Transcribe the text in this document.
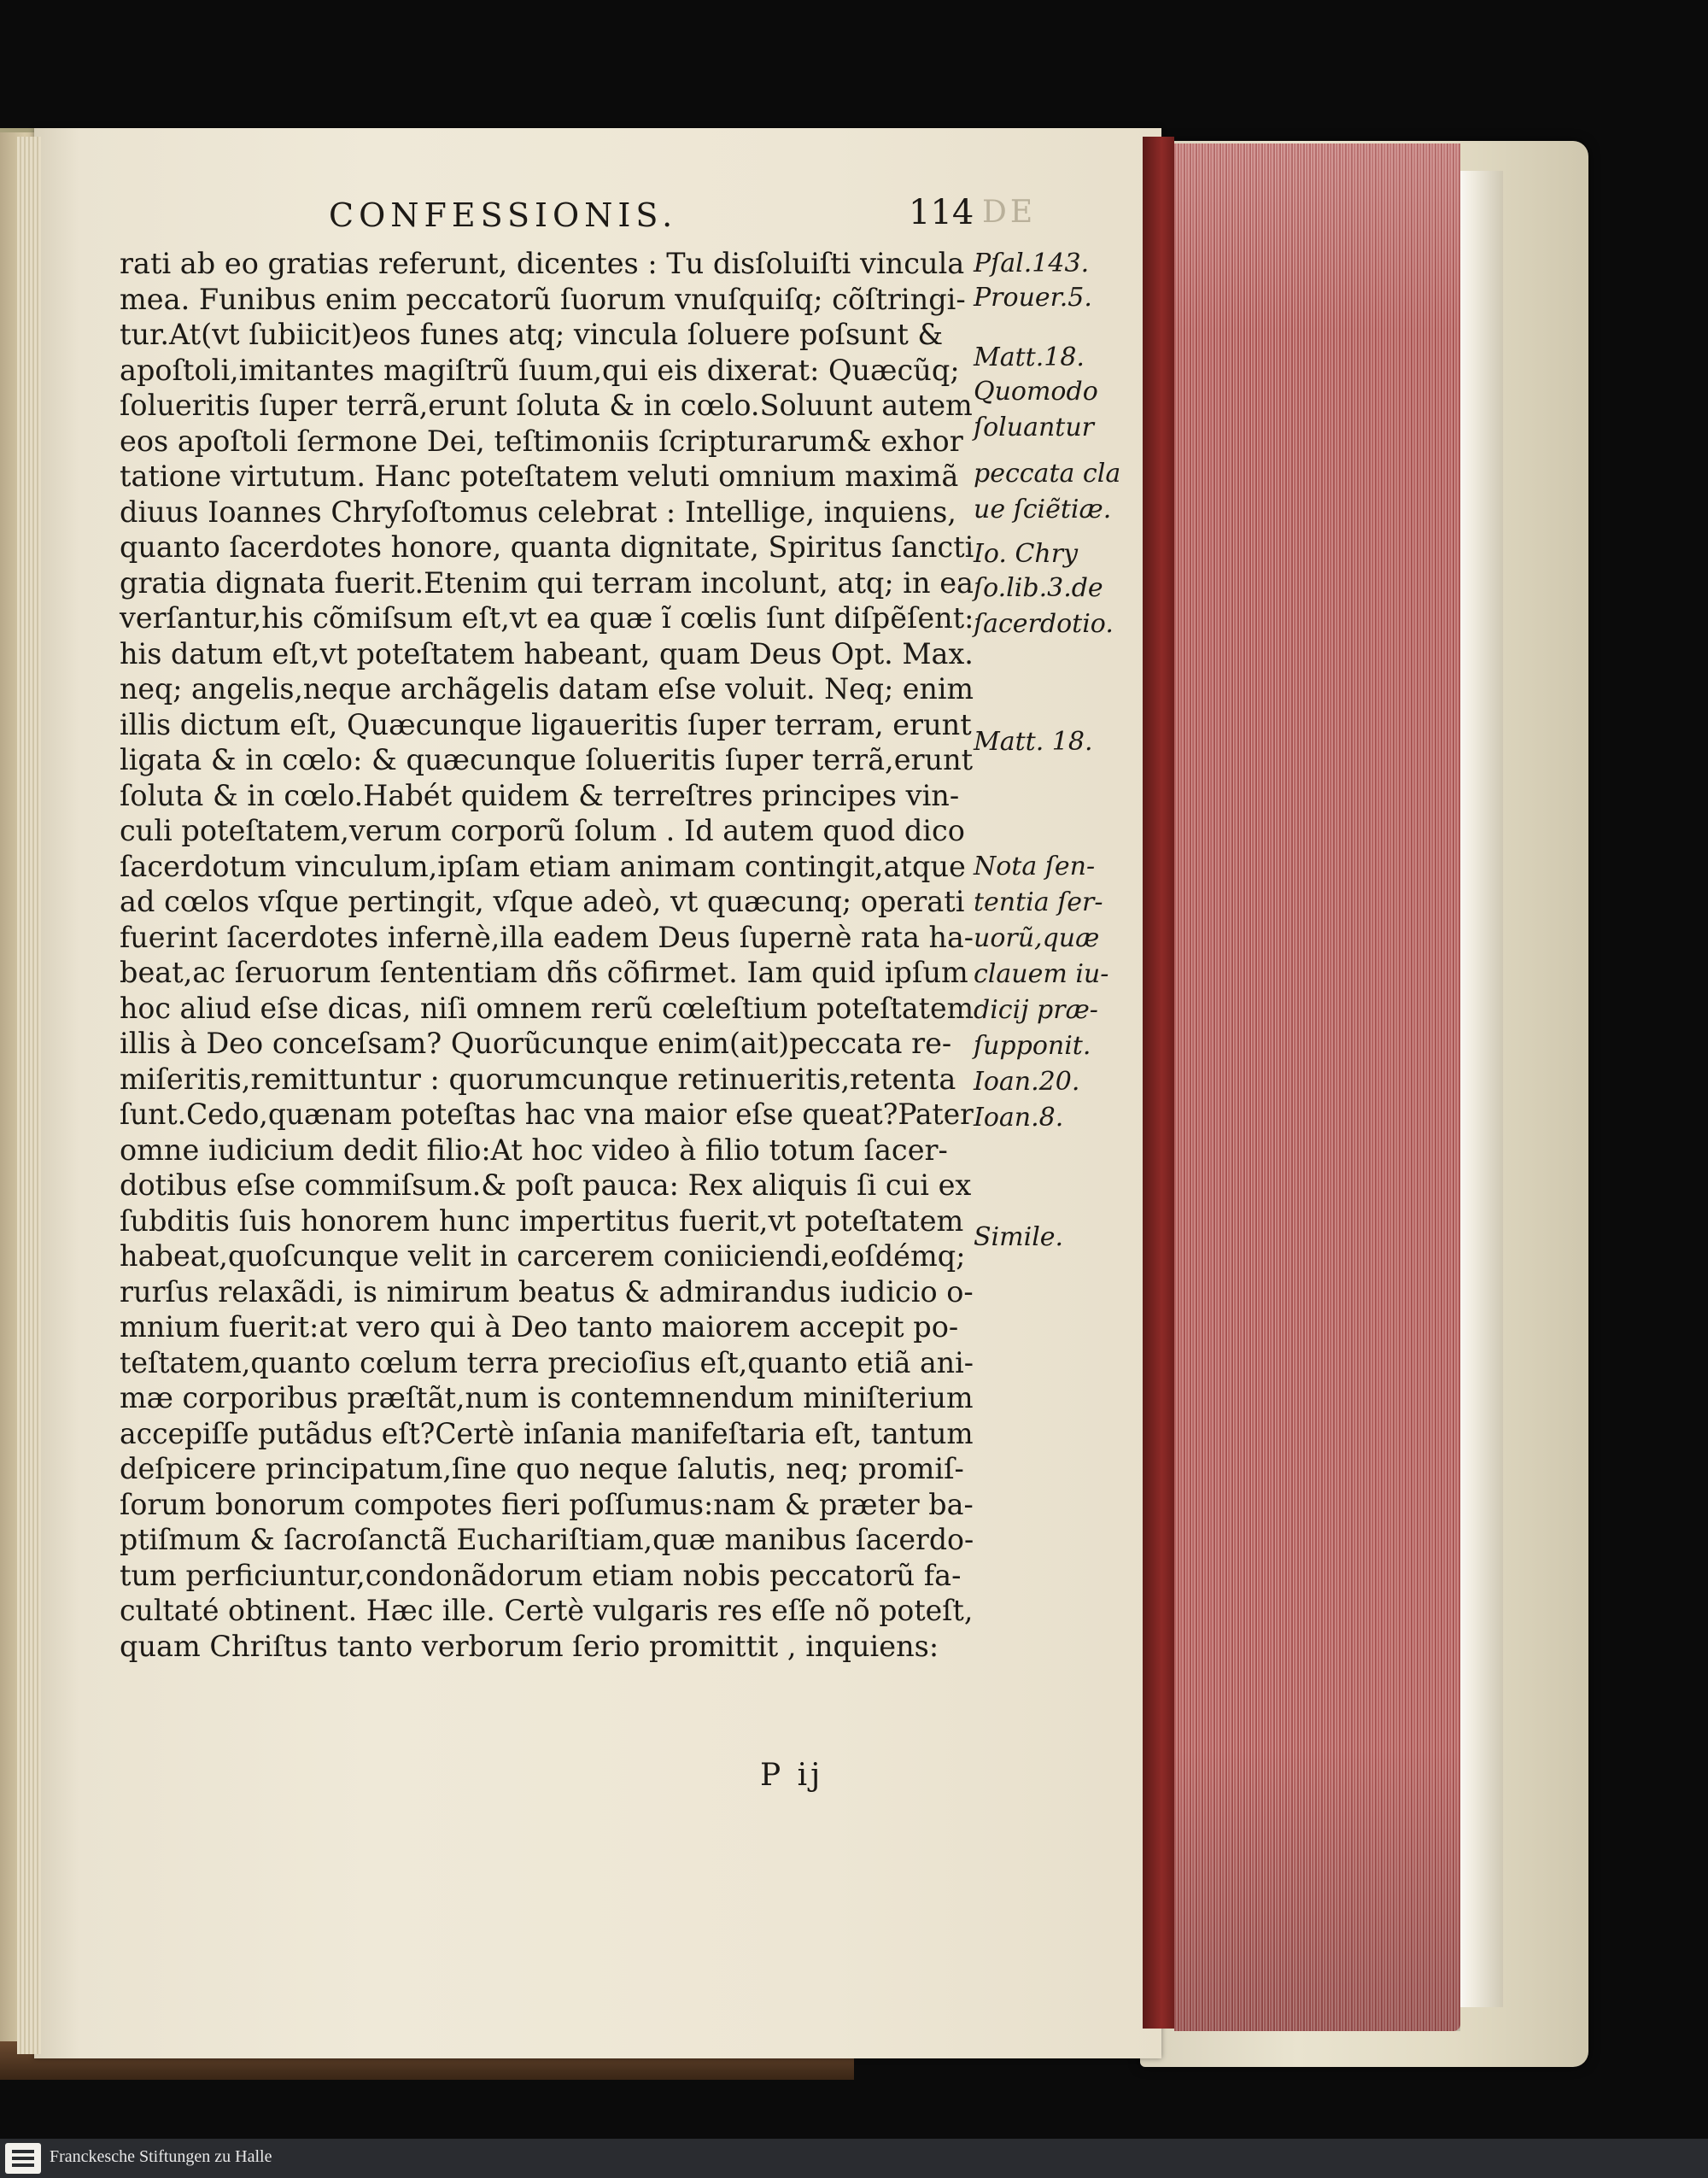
DE
CONFESSIONIS.	114
rati ab eo gratias referunt, dicentes : Tu disſoluiſti vincula
mea. Funibus enim peccatorũ ſuorum vnuſquiſq; cõſtringi-
tur.At(vt ſubiicit)eos funes atq; vincula ſoluere poſsunt &
apoſtoli,imitantes magiſtrũ ſuum,qui eis dixerat: Quæcũq;
ſolueritis ſuper terrã,erunt ſoluta & in cœlo.Soluunt autem
eos apoſtoli ſermone Dei, teſtimoniis ſcripturarum& exhor
tatione virtutum. Hanc poteſtatem veluti omnium maximã
diuus Ioannes Chryſoſtomus celebrat : Intellige, inquiens,
quanto ſacerdotes honore, quanta dignitate, Spiritus ſancti
gratia dignata fuerit.Etenim qui terram incolunt, atq; in ea
verſantur,his cõmiſsum eſt,vt ea quæ ĩ cœlis ſunt diſpẽſent:
his datum eſt,vt poteſtatem habeant, quam Deus Opt. Max.
neq; angelis,neque archãgelis datam eſse voluit. Neq; enim
illis dictum eſt, Quæcunque ligaueritis ſuper terram, erunt
ligata & in cœlo: & quæcunque ſolueritis ſuper terrã,erunt
ſoluta & in cœlo.Habét quidem & terreſtres principes vin-
culi poteſtatem,verum corporũ ſolum . Id autem quod dico
ſacerdotum vinculum,ipſam etiam animam contingit,atque
ad cœlos vſque pertingit, vſque adeò, vt quæcunq; operati
fuerint ſacerdotes infernè,illa eadem Deus ſupernè rata ha-
beat,ac ſeruorum ſententiam dñs cõfirmet. Iam quid ipſum
hoc aliud eſse dicas, niſi omnem rerũ cœleſtium poteſtatem
illis à Deo conceſsam? Quorũcunque enim(ait)peccata re-
miſeritis,remittuntur : quorumcunque retinueritis,retenta
ſunt.Cedo,quænam poteſtas hac vna maior eſse queat?Pater
omne iudicium dedit filio:At hoc video à filio totum ſacer-
dotibus eſse commiſsum.& poſt pauca: Rex aliquis ſi cui ex
ſubditis ſuis honorem hunc impertitus fuerit,vt poteſtatem
habeat,quoſcunque velit in carcerem coniiciendi,eoſdémq;
rurſus relaxãdi, is nimirum beatus & admirandus iudicio o-
mnium fuerit:at vero qui à Deo tanto maiorem accepit po-
teſtatem,quanto cœlum terra precioſius eſt,quanto etiã ani-
mæ corporibus præſtãt,num is contemnendum miniſterium
accepiſſe putãdus eſt?Certè inſania manifeſtaria eſt, tantum
deſpicere principatum,ſine quo neque ſalutis, neq; promiſ-
ſorum bonorum compotes fieri poſſumus:nam & præter ba-
ptiſmum & ſacroſanctã Euchariſtiam,quæ manibus ſacerdo-
tum perficiuntur,condonãdorum etiam nobis peccatorũ fa-
cultaté obtinent. Hæc ille. Certè vulgaris res eſſe nõ poteſt,
quam Chriſtus tanto verborum ſerio promittit , inquiens:
Pſal.143.
Prouer.5.
Matt.18.
Quomodo
ſoluantur
peccata cla
ue ſciẽtiæ.
Io. Chry
ſo.lib.3.de
ſacerdotio.
Matt. 18.
Nota ſen-
tentia ſer-
uorũ,quæ
clauem iu-
dicij præ-
ſupponit.
Ioan.20.
Ioan.8.
Simile.
P ij
Franckesche Stiftungen zu Halle
